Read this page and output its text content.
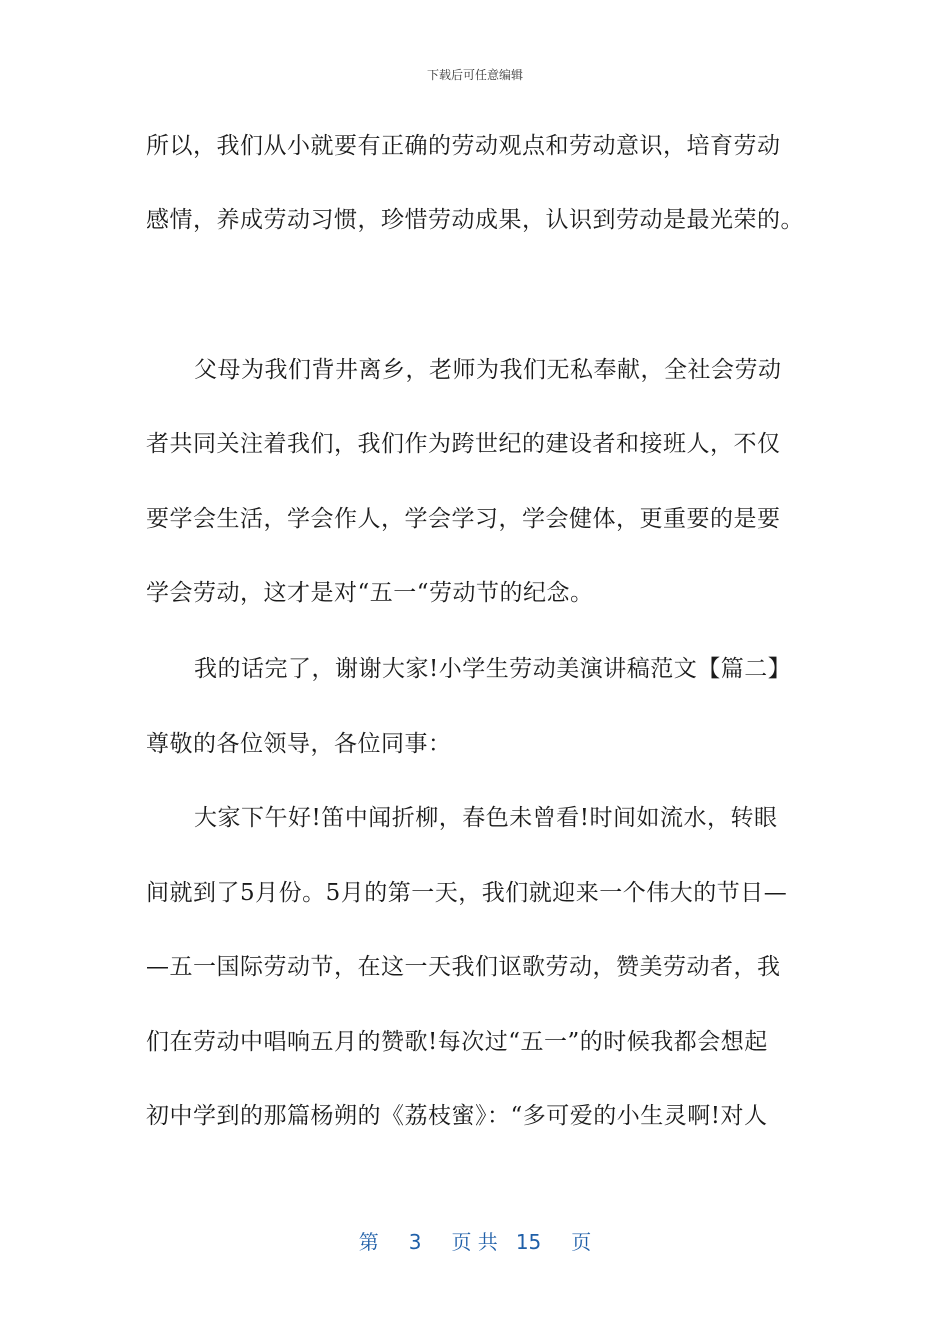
下载后可任意编辑
所以，我们从小就要有正确的劳动观点和劳动意识，培育劳动
感情，养成劳动习惯，珍惜劳动成果，认识到劳动是最光荣的。
父母为我们背井离乡，老师为我们无私奉献，全社会劳动
者共同关注着我们，我们作为跨世纪的建设者和接班人，不仅
要学会生活，学会作人，学会学习，学会健体，更重要的是要
学会劳动，这才是对“五一“劳动节的纪念。
我的话完了，谢谢大家!小学生劳动美演讲稿范文【篇二】
尊敬的各位领导，各位同事：
大家下午好!笛中闻折柳，春色未曾看!时间如流水，转眼
间就到了5月份。5月的第一天，我们就迎来一个伟大的节日—
—五一国际劳动节，在这一天我们讴歌劳动，赞美劳动者，我
们在劳动中唱响五月的赞歌!每次过“五一”的时候我都会想起
初中学到的那篇杨朔的《荔枝蜜》：“多可爱的小生灵啊!对人
第 3 页 共 15 页
